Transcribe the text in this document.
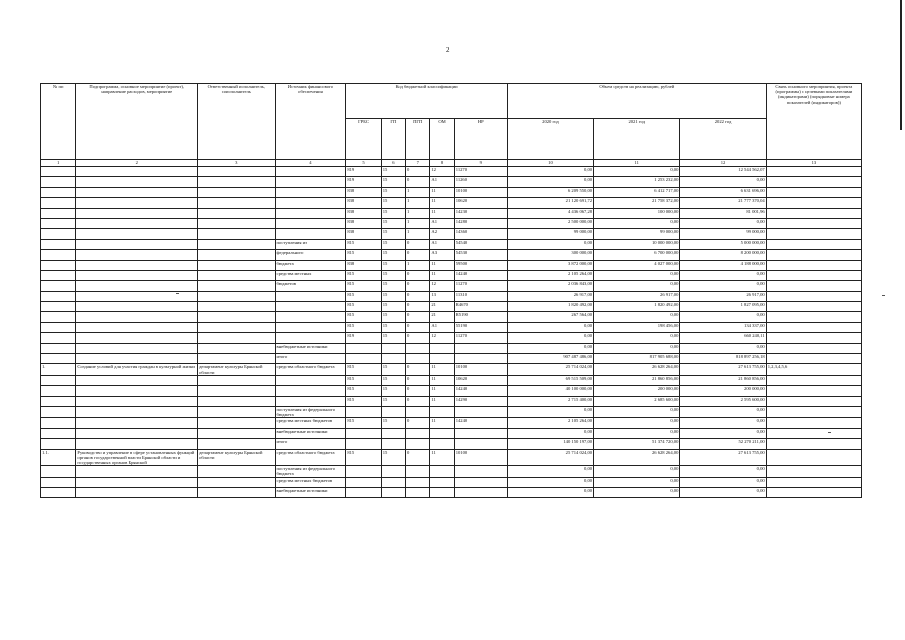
2
№ пп	Подпрограмма, основное мероприятие (проект), направление расходов, мероприятие	Ответственный исполнитель, соисполнитель	Источник финансового обеспечения	Код бюджетной классификации					Объем средств на реализацию, рублей			Связь основного мероприятия, проекта (программы) с целевыми показателями (индикаторами) (порядковые номера показателей (индикаторов))
				ГРБС	ГП	ПГП	ОМ	НР	2020 год	2021 год	2022 год	
1	2	3	4	5	6	7	8	9	10	11	12	13
				819	15	0	12	11270	0,00	0,00	12 544 562,07	
				819	15	0	A1	11260	0,00	1 253 232,00	0,00	
				838	15	1	11	10100	6 209 550,00	6 412 717,00	6 631 696,00	
				838	15	1	11	10620	21 120 691,72	21 758 372,00	21 777 370,04	
				838	15	1	11	14230	4 436 067,28	100 000,00	81 001,96	
				838	15	1	A1	14280	2 500 000,00	0,00	0,00	
				838	15	1	A2	14360	99 000,00	99 000,00	99 000,00	
			поступления из	815	15	0	A1	54540	0,00	10 000 000,00	5 000 000,00	
			федерального	815	15	0	A3	54530	300 000,00	6 700 000,00	8 200 000,00	
			бюджета	838	15	1	11	59500	3 872 000,00	4 027 000,00	4 188 000,00	
			средства местных	815	15	0	11	14240	2 105 264,00	0,00	0,00	
			бюджетов	815	15	0	12	11270	2 036 843,00	0,00	0,00	
				815	15	0	13	11310	26 917,00	26 917,00	26 917,00	
				815	15	0	21	R4670	1 820 492,00	1 820 492,00	1 827 095,00	
				815	15	0	21	R5190	267 564,00	0,00	0,00	
				815	15	0	A1	55190	0,00	198 456,00	134 337,00	
				819	15	0	12	11270	0,00	0,00	660 240,11	
			внебюджетные источники						0,00	0,00	0,00	
			итого						907 487 486,00	817 905 688,00	818 897 256,18	
1.	Создание условий для участия граждан в культурной жизни	департамент культуры Брянской области	средства областного бюджета	815	15	0	11	10100	25 714 024,00	26 628 264,00	27 613 755,00	1,2,3,4,5,6
				815	15	0	11	10620	69 515 509,00	21 860 856,00	21 860 856,00	
				815	15	0	11	14240	40 100 000,00	200 000,00	200 000,00	
				815	15	0	11	14290	2 715 400,00	2 685 600,00	2 595 600,00	
			поступления из федерального бюджета						0,00	0,00	0,00	
			средства местных бюджетов	815	15	0	11	14240	2 105 264,00	0,00	0,00	
			внебюджетные источники						0,00	0,00	0,00	
			итого						140 150 197,00	51 374 720,00	52 270 211,00	
1.1.	Руководство и управление в сфере установленных функций органов государственной власти Брянской области и государственных органов Брянской	департамент культуры Брянской области	средства областного бюджета	815	15	0	11	10100	25 714 024,00	26 628 264,00	27 613 755,00	
			поступления из федерального бюджета						0,00	0,00	0,00	
			средства местных бюджетов						0,00	0,00	0,00	
			внебюджетные источники						0,00	0,00	0,00	
